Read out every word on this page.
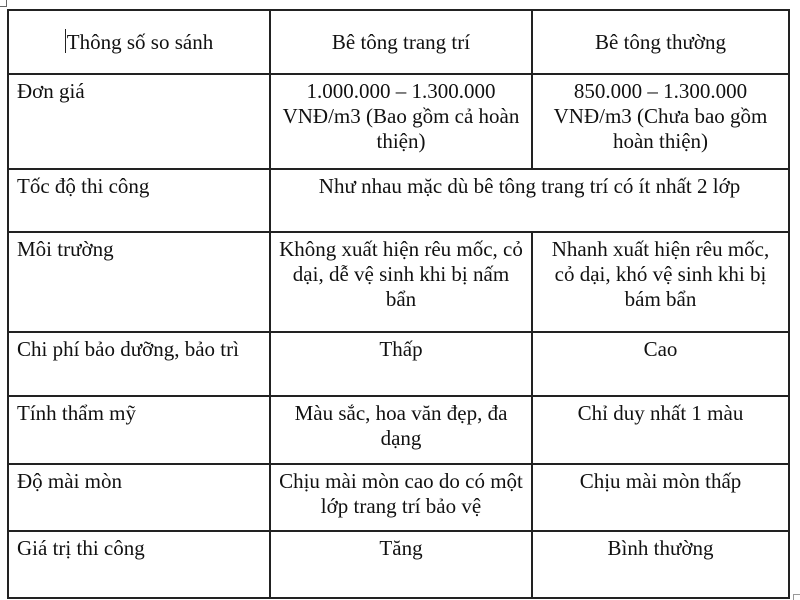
Thông số so sánh	Bê tông trang trí	Bê tông thường
Đơn giá	1.000.000 – 1.300.000 VNĐ/m3 (Bao gồm cả hoàn thiện)	850.000 – 1.300.000 VNĐ/m3 (Chưa bao gồm hoàn thiện)
Tốc độ thi công	Như nhau mặc dù bê tông trang trí có ít nhất 2 lớp	
Môi trường	Không xuất hiện rêu mốc, cỏ dại, dễ vệ sinh khi bị nấm bẩn	Nhanh xuất hiện rêu mốc, cỏ dại, khó vệ sinh khi bị bám bẩn
Chi phí bảo dưỡng, bảo trì	Thấp	Cao
Tính thẩm mỹ	Màu sắc, hoa văn đẹp, đa dạng	Chỉ duy nhất 1 màu
Độ mài mòn	Chịu mài mòn cao do có một lớp trang trí bảo vệ	Chịu mài mòn thấp
Giá trị thi công	Tăng	Bình thường
